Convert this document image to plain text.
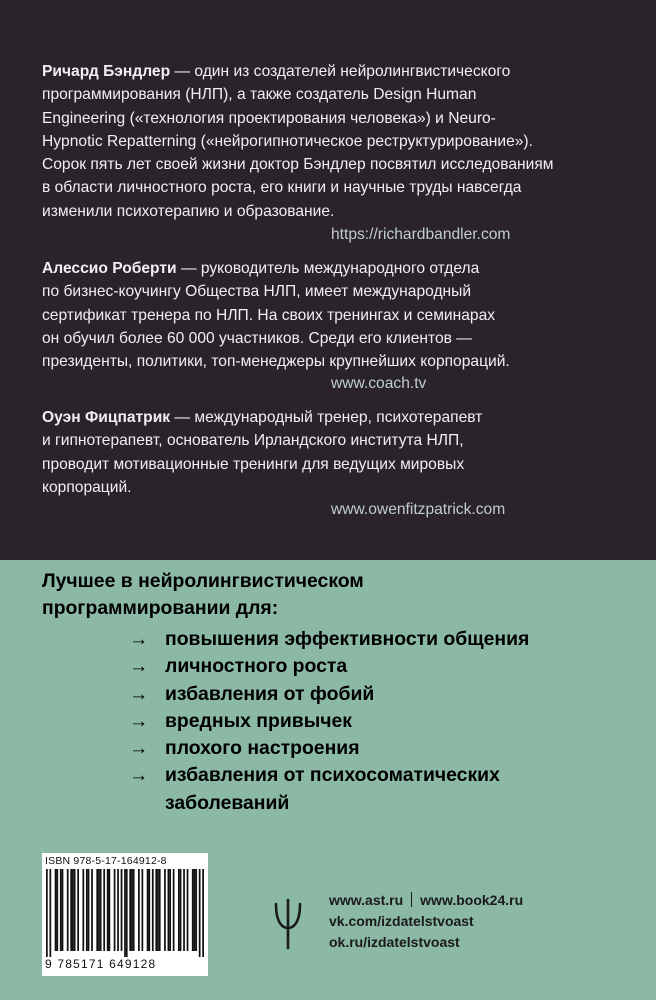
Ричард Бэндлер — один из создателей нейролингвистического
программирования (НЛП), а также создатель Design Human
Engineering («технология проектирования человека») и Neuro-
Hypnotic Repatterning («нейрогипнотическое реструктурирование»).
Сорок пять лет своей жизни доктор Бэндлер посвятил исследованиям
в области личностного роста, его книги и научные труды навсегда
изменили психотерапию и образование.

https://richardbandler.com

Алессио Роберти — руководитель международного отдела
по бизнес-коучингу Общества НЛП, имеет международный
сертификат тренера по НЛП. На своих тренингах и семинарах
он обучил более 60 000 участников. Среди его клиентов —
президенты, политики, топ-менеджеры крупнейших корпораций.

www.coach.tv

Оуэн Фицпатрик — международный тренер, психотерапевт
и гипнотерапевт, основатель Ирландского института НЛП,
проводит мотивационные тренинги для ведущих мировых
корпораций.

www.owenfitzpatrick.com

Лучшее в нейролингвистическом
программировании для:

→ повышения эффективности общения
→ личностного роста
→ избавления от фобий
→ вредных привычек
→ плохого настроения
→ избавления от психосоматических
заболеваний
ISBN 978-5-17-164912-8
9 785171 649128
www.ast.ru www.book24.ru
vk.com/izdatelstvoast
ok.ru/izdatelstvoast
